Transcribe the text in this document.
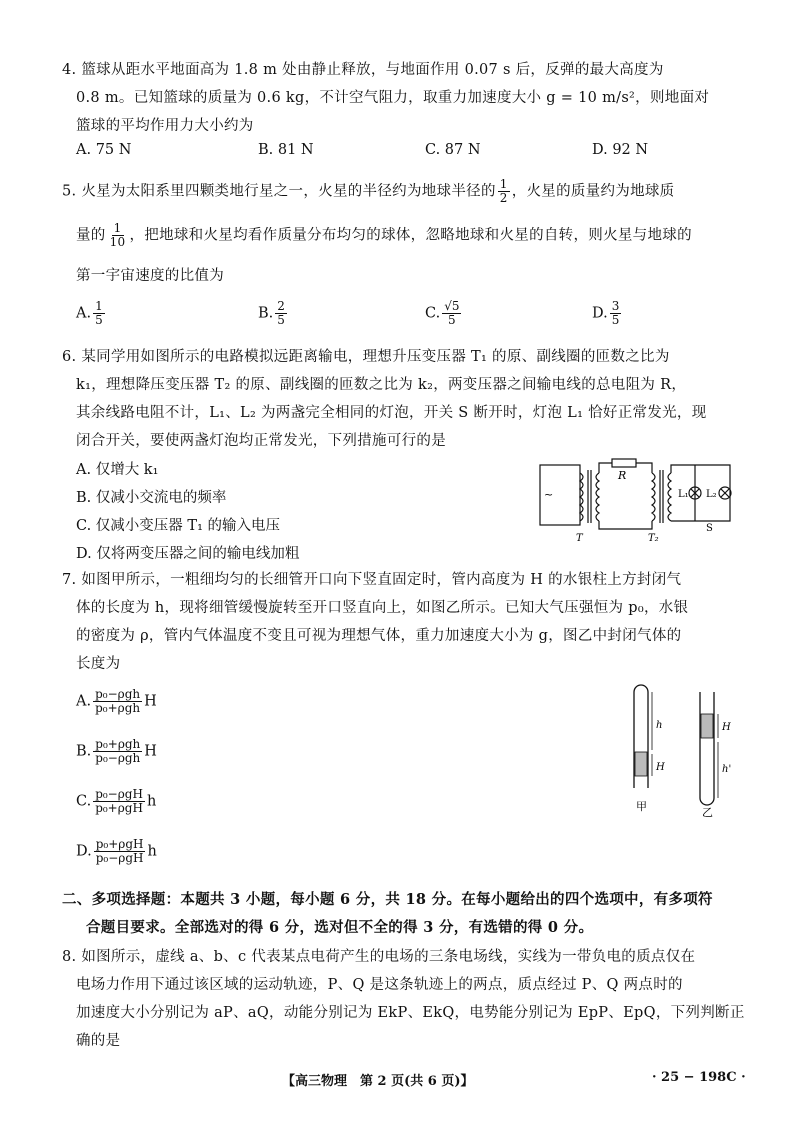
4. 篮球从距水平地面高为 1.8 m 处由静止释放，与地面作用 0.07 s 后，反弹的最大高度为
0.8 m。已知篮球的质量为 0.6 kg，不计空气阻力，取重力加速度大小 g = 10 m/s²，则地面对
篮球的平均作用力大小约为
A. 75 N	B. 81 N	C. 87 N	D. 92 N
5. 火星为太阳系里四颗类地行星之一，火星的半径约为地球半径的 $\frac{1}{2}$ ，火星的质量约为地球质
量的 $\frac{1}{10}$ ，把地球和火星均看作质量分布均匀的球体，忽略地球和火星的自转，则火星与地球的
第一宇宙速度的比值为
A. $\frac{1}{5}$	B. $\frac{2}{5}$	C. $\frac{√5}{5}$	D. $\frac{3}{5}$
6. 某同学用如图所示的电路模拟远距离输电，理想升压变压器 T₁ 的原、副线圈的匝数之比为
k₁，理想降压变压器 T₂ 的原、副线圈的匝数之比为 k₂，两变压器之间输电线的总电阻为 R，
其余线路电阻不计，L₁、L₂ 为两盏完全相同的灯泡，开关 S 断开时，灯泡 L₁ 恰好正常发光，现
闭合开关，要使两盏灯泡均正常发光，下列措施可行的是
A. 仅增大 k₁
B. 仅减小交流电的频率
C. 仅减小变压器 T₁ 的输入电压
D. 仅将两变压器之间的输电线加粗
~
R
L₁ L₂
S
T	T₂
7. 如图甲所示，一粗细均匀的长细管开口向下竖直固定时，管内高度为 H 的水银柱上方封闭气
体的长度为 h，现将细管缓慢旋转至开口竖直向上，如图乙所示。已知大气压强恒为 p₀，水银
的密度为 ρ，管内气体温度不变且可视为理想气体，重力加速度大小为 g，图乙中封闭气体的
长度为
A. $\frac{\text{p₀−ρgh}}{\text{p₀+ρgh}}$ H
B. $\frac{\text{p₀+ρgh}}{\text{p₀−ρgh}}$ H
C. $\frac{\text{p₀−ρgH}}{\text{p₀+ρgH}}$ h
D. $\frac{\text{p₀+ρgH}}{\text{p₀−ρgH}}$ h
h
H
H
h'
甲	乙
二、多项选择题：本题共 3 小题，每小题 6 分，共 18 分。在每小题给出的四个选项中，有多项符
合题目要求。全部选对的得 6 分，选对但不全的得 3 分，有选错的得 0 分。
8. 如图所示，虚线 a、b、c 代表某点电荷产生的电场的三条电场线，实线为一带负电的质点仅在
电场力作用下通过该区域的运动轨迹，P、Q 是这条轨迹上的两点，质点经过 P、Q 两点时的
加速度大小分别记为 aP、aQ，动能分别记为 EkP、EkQ，电势能分别记为 EpP、EpQ，下列判断正
确的是
【高三物理　第 2 页(共 6 页)】	· 25 − 198C ·
